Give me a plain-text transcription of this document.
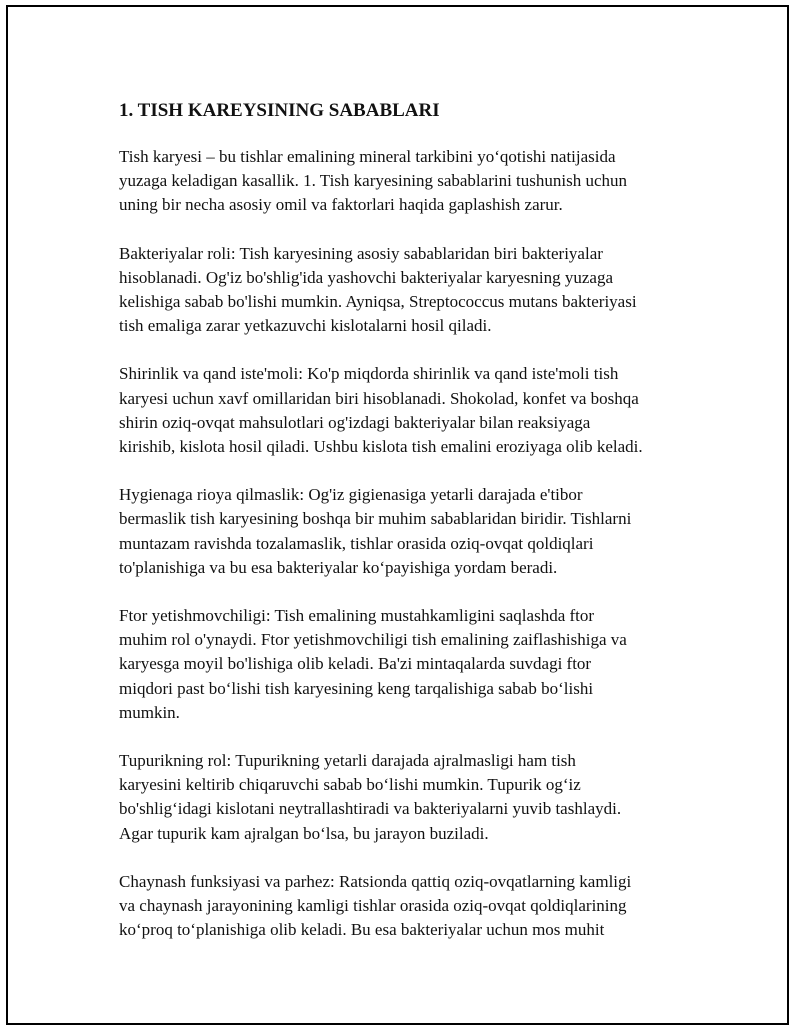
1. TISH KAREYSINING SABABLARI

Tish karyesi – bu tishlar emalining mineral tarkibini yo‘qotishi natijasida
yuzaga keladigan kasallik. 1. Tish karyesining sabablarini tushunish uchun
uning bir necha asosiy omil va faktorlari haqida gaplashish zarur.

Bakteriyalar roli: Tish karyesining asosiy sabablaridan biri bakteriyalar
hisoblanadi. Og'iz bo'shlig'ida yashovchi bakteriyalar karyesning yuzaga
kelishiga sabab bo'lishi mumkin. Ayniqsa, Streptococcus mutans bakteriyasi
tish emaliga zarar yetkazuvchi kislotalarni hosil qiladi.

Shirinlik va qand iste'moli: Ko'p miqdorda shirinlik va qand iste'moli tish
karyesi uchun xavf omillaridan biri hisoblanadi. Shokolad, konfet va boshqa
shirin oziq-ovqat mahsulotlari og'izdagi bakteriyalar bilan reaksiyaga
kirishib, kislota hosil qiladi. Ushbu kislota tish emalini eroziyaga olib keladi.

Hygienaga rioya qilmaslik: Og'iz gigienasiga yetarli darajada e'tibor
bermaslik tish karyesining boshqa bir muhim sabablaridan biridir. Tishlarni
muntazam ravishda tozalamaslik, tishlar orasida oziq-ovqat qoldiqlari
to'planishiga va bu esa bakteriyalar ko‘payishiga yordam beradi.

Ftor yetishmovchiligi: Tish emalining mustahkamligini saqlashda ftor
muhim rol o'ynaydi. Ftor yetishmovchiligi tish emalining zaiflashishiga va
karyesga moyil bo'lishiga olib keladi. Ba'zi mintaqalarda suvdagi ftor
miqdori past bo‘lishi tish karyesining keng tarqalishiga sabab bo‘lishi
mumkin.

Tupurikning rol: Tupurikning yetarli darajada ajralmasligi ham tish
karyesini keltirib chiqaruvchi sabab bo‘lishi mumkin. Tupurik og‘iz
bo'shlig‘idagi kislotani neytrallashtiradi va bakteriyalarni yuvib tashlaydi.
Agar tupurik kam ajralgan bo‘lsa, bu jarayon buziladi.

Chaynash funksiyasi va parhez: Ratsionda qattiq oziq-ovqatlarning kamligi
va chaynash jarayonining kamligi tishlar orasida oziq-ovqat qoldiqlarining
ko‘proq to‘planishiga olib keladi. Bu esa bakteriyalar uchun mos muhit
